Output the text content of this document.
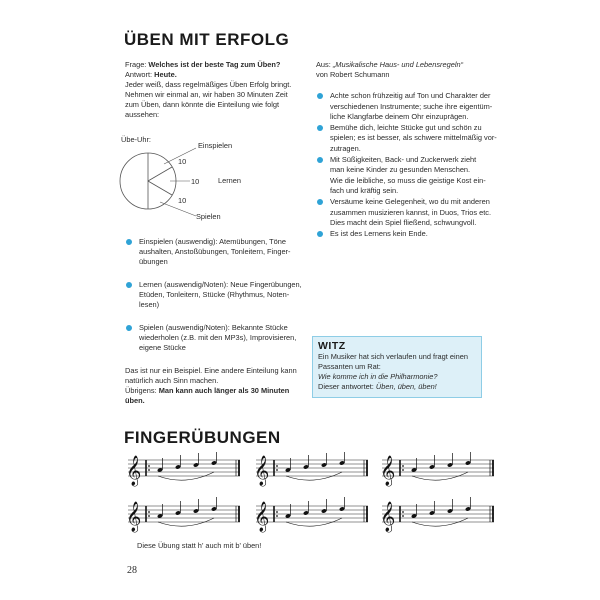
ÜBEN MIT ERFOLG
Frage: Welches ist der beste Tag zum Üben?
Antwort: Heute.
Jeder weiß, dass regelmäßiges Üben Erfolg bringt.
Nehmen wir einmal an, wir haben 30 Minuten Zeit
zum Üben, dann könnte die Einteilung wie folgt
aussehen:
Übe-Uhr:
10
10
10
Einspielen
Lernen
Spielen
Einspielen (auswendig): Atemübungen, Töne
aushalten, Anstoßübungen, Tonleitern, Finger-
übungen
Lernen (auswendig/Noten): Neue Fingerübungen,
Etüden, Tonleitern, Stücke (Rhythmus, Noten-
lesen)
Spielen (auswendig/Noten): Bekannte Stücke
wiederholen (z.B. mit den MP3s), Improvisieren,
eigene Stücke
Das ist nur ein Beispiel. Eine andere Einteilung kann
natürlich auch Sinn machen.
Übrigens: Man kann auch länger als 30 Minuten
üben.
Aus: „Musikalische Haus- und Lebensregeln“
von Robert Schumann
Achte schon frühzeitig auf Ton und Charakter der
verschiedenen Instrumente; suche ihre eigentüm-
liche Klangfarbe deinem Ohr einzuprägen.
Bemühe dich, leichte Stücke gut und schön zu
spielen; es ist besser, als schwere mittelmäßig vor-
zutragen.
Mit Süßigkeiten, Back- und Zuckerwerk zieht
man keine Kinder zu gesunden Menschen.
Wie die leibliche, so muss die geistige Kost ein-
fach und kräftig sein.
Versäume keine Gelegenheit, wo du mit anderen
zusammen musizieren kannst, in Duos, Trios etc.
Dies macht dein Spiel fließend, schwungvoll.
Es ist des Lernens kein Ende.
WITZ
Ein Musiker hat sich verlaufen und fragt einen
Passanten um Rat:
Wie komme ich in die Philharmonie?
Dieser antwortet: Üben, üben, üben!
FINGERÜBUNGEN
𝄞	𝄞	𝄞
𝄞	𝄞	𝄞
Diese Übung statt h’ auch mit b’ üben!
28
